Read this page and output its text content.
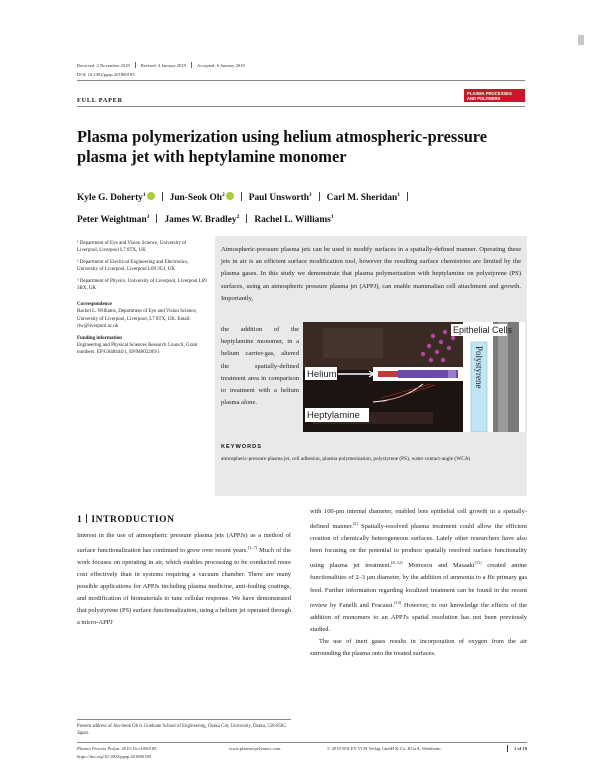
Received: 2 November 2018 Revised: 4 January 2019 Accepted: 6 January 2019
DOI: 10.1002/ppap.201800185
FULL PAPER
PLASMA PROCESSES
AND POLYMERS
Plasma polymerization using helium atmospheric-pressure plasma jet with heptylamine monomer
Kyle G. Doherty$^1$	Jun-Seok Oh$^2$	Paul Unsworth$^3$ Carl M. Sheridan$^1$
Peter Weightman$^3$ James W. Bradley$^2$ Rachel L. Williams$^1$

¹ Department of Eye and Vision Science, University of Liverpool, Liverpool L7 8TX, UK

² Department of Electrical Engineering and Electronics, University of Liverpool, Liverpool L69 3GJ, UK

³ Department of Physics, University of Liverpool, Liverpool L69 3BX, UK

Correspondence

Rachel L. Williams, Department of Eye and Vision Science, University of Liverpool, Liverpool, L7 8TX, UK. Email: rlw@liverpool.ac.uk

Funding information

Engineering and Physical Sciences Research Council, Grant numbers: EP/G048444/1, EP/M002209/1

Atmospheric-pressure plasma jets can be used to modify surfaces in a spatially-defined manner. Operating these jets in air is an efficient surface modification tool, however the resulting surface chemistries are limited by the plasma gases. In this study we demonstrate that plasma polymerization with heptylamine on polystyrene (PS) surfaces, using an atmospheric pressure plasma jet (APPJ), can enable mammalian cell attachment and growth. Importantly,
the addition of the heptylamine monomer, in a helium carrier-gas, altered the spatially-defined treatment area in comparison to treatment with a helium plasma alone.
Polystyrene
Epithelial Cells
Helium
Heptylamine
KEYWORDS
atmospheric-pressure plasma jet, cell adhesion, plasma polymerization, polystyrene (PS), water contact-angle (WCA)
1 INTRODUCTION
Interest in the use of atmospheric pressure plasma jets (APPJs) as a method of surface functionalization has continued to grow over recent years.[1–7] Much of the work focuses on operating in air, which enables processing to be conducted more cost effectively than in systems requiring a vacuum chamber. There are many possible applications for APPJs including plasma medicine, anti-fouling coatings, and modification of biomaterials to tune cellular response. We have demonstrated that polystyrene (PS) surface functionalization, using a helium jet operated through a micro-APPJ
with 100-μm internal diameter, enabled lens epithelial cell growth in a spatially-defined manner.[2] Spatially-resolved plasma treatment could allow the efficient creation of chemically heterogeneous surfaces. Lately other researchers have also been focusing on the potential to produce spatially resolved surface functionality using plasma jet treatment.[8–12] Motrescu and Masaaki[11] created amine functionalities of 2–3 μm diameter, by the addition of ammonia to a He primary gas feed. Further information regarding localized treatment can be found in the recent review by Fanelli and Fracassi.[13] However, to our knowledge the effects of the addition of monomers to an APPJ's spatial resolution has not been previously studied.
The use of inert gases results in incorporation of oxygen from the air surrounding the plasma onto the treated surfaces.
Present address of Jun-Seok Oh is Graduate School of Engineering, Osaka City University, Osaka, 558-8585 Japan.
Plasma Process Polym. 2019;16:e1800185.	www.plasma-polymers.com	© 2019 WILEY-VCH Verlag GmbH & Co. KGaA, Weinheim	1 of 10
https://doi.org/10.1002/ppap.201800185
